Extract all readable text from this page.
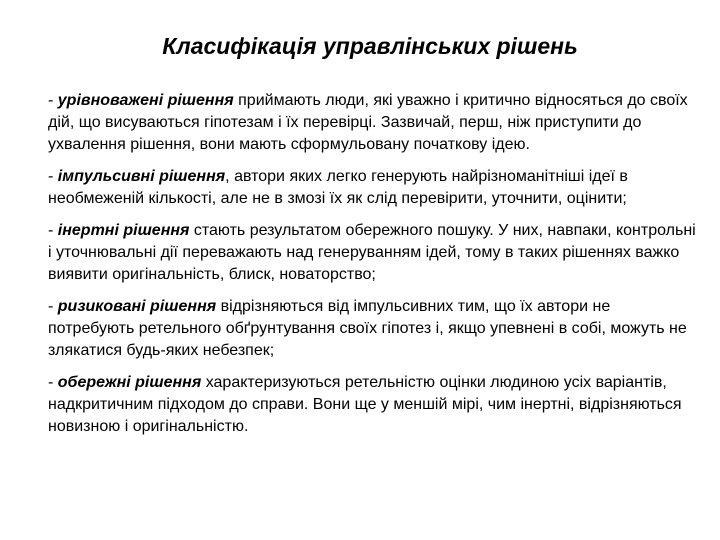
Класифікація управлінських рішень

- урівноважені рішення приймають люди, які уважно і критично відносяться до своїх дій, що висуваються гіпотезам і їх перевірці. Зазвичай, перш, ніж приступити до ухвалення рішення, вони мають сформульовану початкову ідею.

- імпульсивні рішення, автори яких легко генерують найрізноманітніші ідеї в необмеженій кількості, але не в змозі їх як слід перевірити, уточнити, оцінити;

- інертні рішення стають результатом обережного пошуку. У них, навпаки, контрольні і уточнювальні дії переважають над генеруванням ідей, тому в таких рішеннях важко виявити оригінальність, блиск, новаторство;

- ризиковані рішення відрізняються від імпульсивних тим, що їх автори не потребують ретельного обґрунтування своїх гіпотез і, якщо упевнені в собі, можуть не злякатися будь-яких небезпек;

- обережні рішення характеризуються ретельністю оцінки людиною усіх варіантів, надкритичним підходом до справи. Вони ще у меншій мірі, чим інертні, відрізняються новизною і оригінальністю.
